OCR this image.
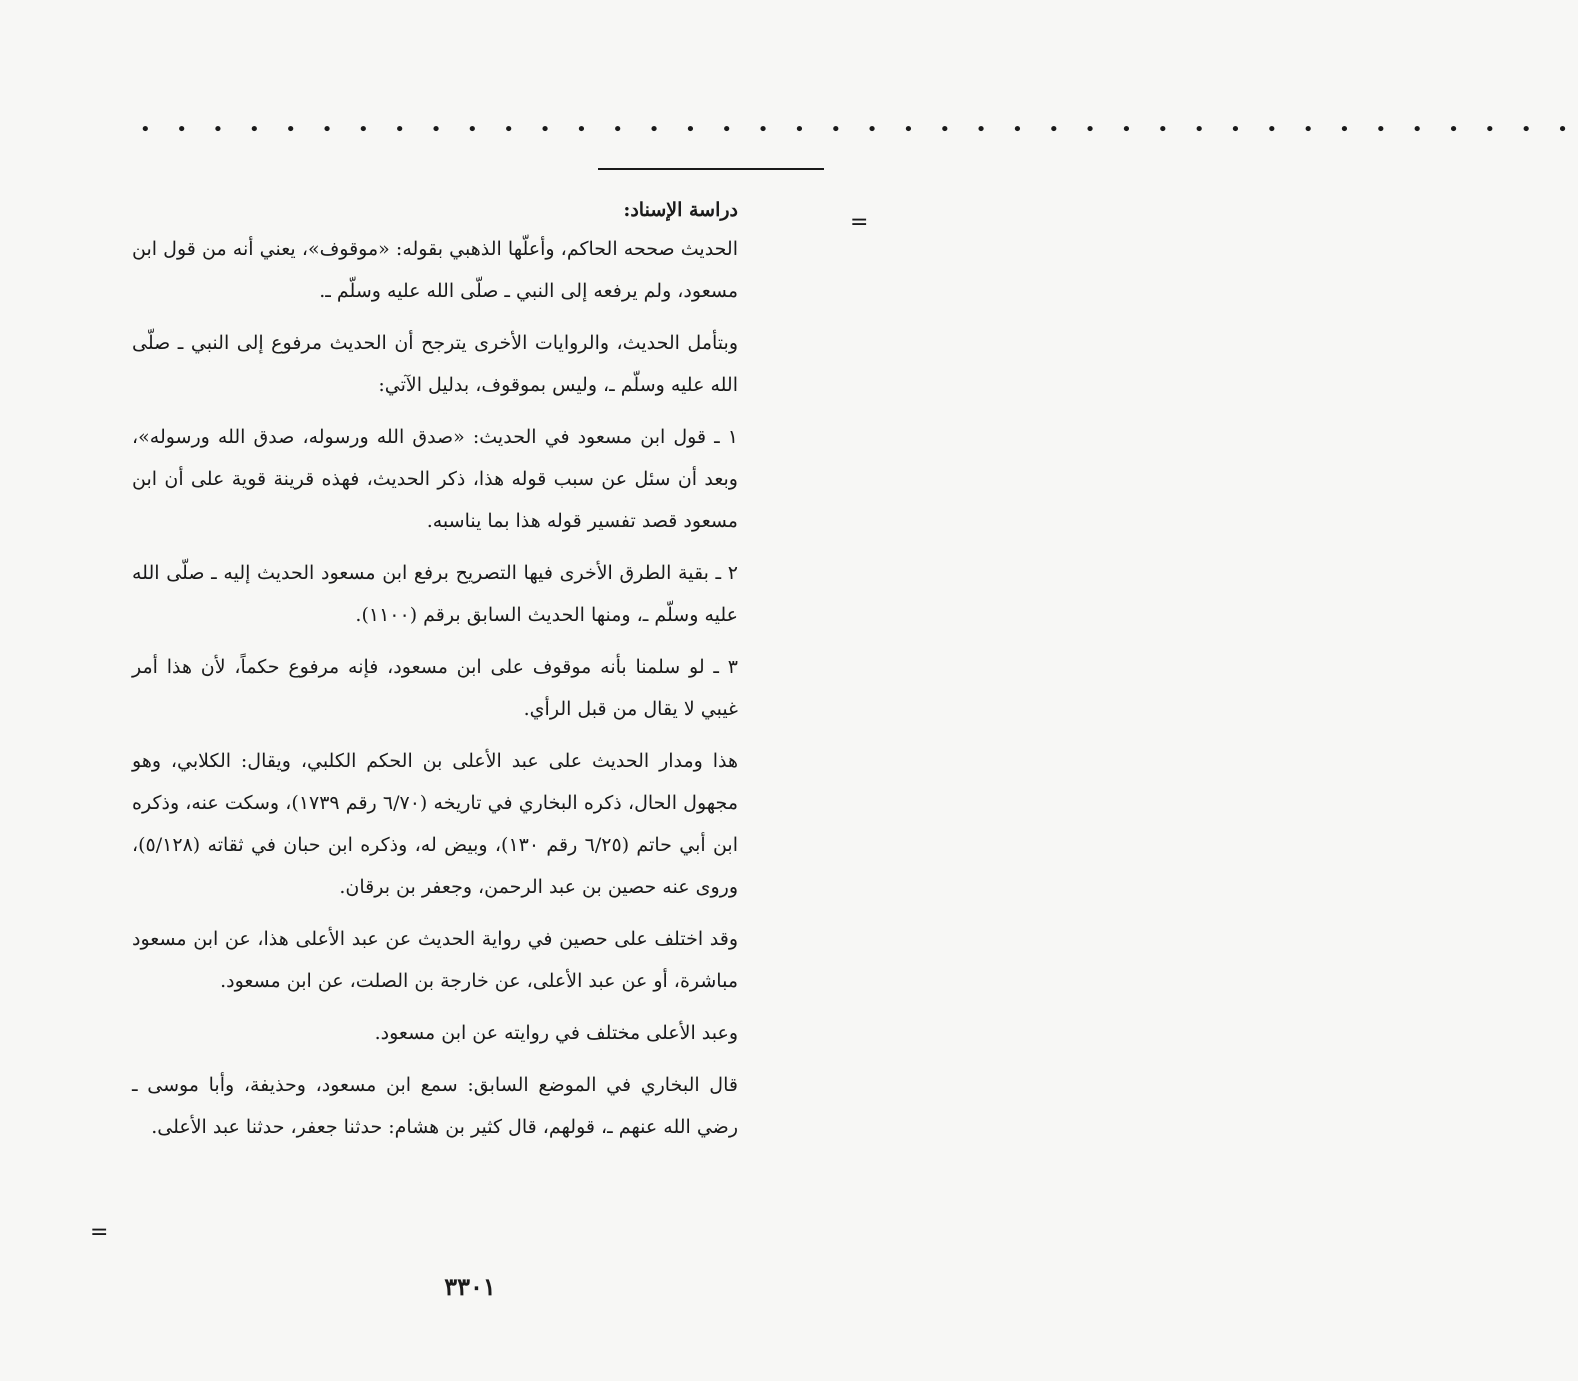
• • • • • • • • • • • • • • • • • • • • • • • • • • • • • • • • • • • • • • • •
=
=

دراسة الإسناد:

الحديث صححه الحاكم، وأعلّها الذهبي بقوله: «موقوف»، يعني أنه من قول ابن مسعود، ولم يرفعه إلى النبي ـ صلّى الله عليه وسلّم ـ.

وبتأمل الحديث، والروايات الأخرى يترجح أن الحديث مرفوع إلى النبي ـ صلّى الله عليه وسلّم ـ، وليس بموقوف، بدليل الآتي:

١ ـ قول ابن مسعود في الحديث: «صدق الله ورسوله، صدق الله ورسوله»، وبعد أن سئل عن سبب قوله هذا، ذكر الحديث، فهذه قرينة قوية على أن ابن مسعود قصد تفسير قوله هذا بما يناسبه.

٢ ـ بقية الطرق الأخرى فيها التصريح برفع ابن مسعود الحديث إليه ـ صلّى الله عليه وسلّم ـ، ومنها الحديث السابق برقم (١١٠٠).

٣ ـ لو سلمنا بأنه موقوف على ابن مسعود، فإنه مرفوع حكماً، لأن هذا أمر غيبي لا يقال من قبل الرأي.

هذا ومدار الحديث على عبد الأعلى بن الحكم الكلبي، ويقال: الكلابي، وهو مجهول الحال، ذكره البخاري في تاريخه (٦/٧٠ رقم ١٧٣٩)، وسكت عنه، وذكره ابن أبي حاتم (٦/٢٥ رقم ١٣٠)، وبيض له، وذكره ابن حبان في ثقاته (٥/١٢٨)، وروى عنه حصين بن عبد الرحمن، وجعفر بن برقان.

وقد اختلف على حصين في رواية الحديث عن عبد الأعلى هذا، عن ابن مسعود مباشرة، أو عن عبد الأعلى، عن خارجة بن الصلت، عن ابن مسعود.

وعبد الأعلى مختلف في روايته عن ابن مسعود.

قال البخاري في الموضع السابق: سمع ابن مسعود، وحذيفة، وأبا موسى ـ رضي الله عنهم ـ، قولهم، قال كثير بن هشام: حدثنا جعفر، حدثنا عبد الأعلى.

٣٣٠١
